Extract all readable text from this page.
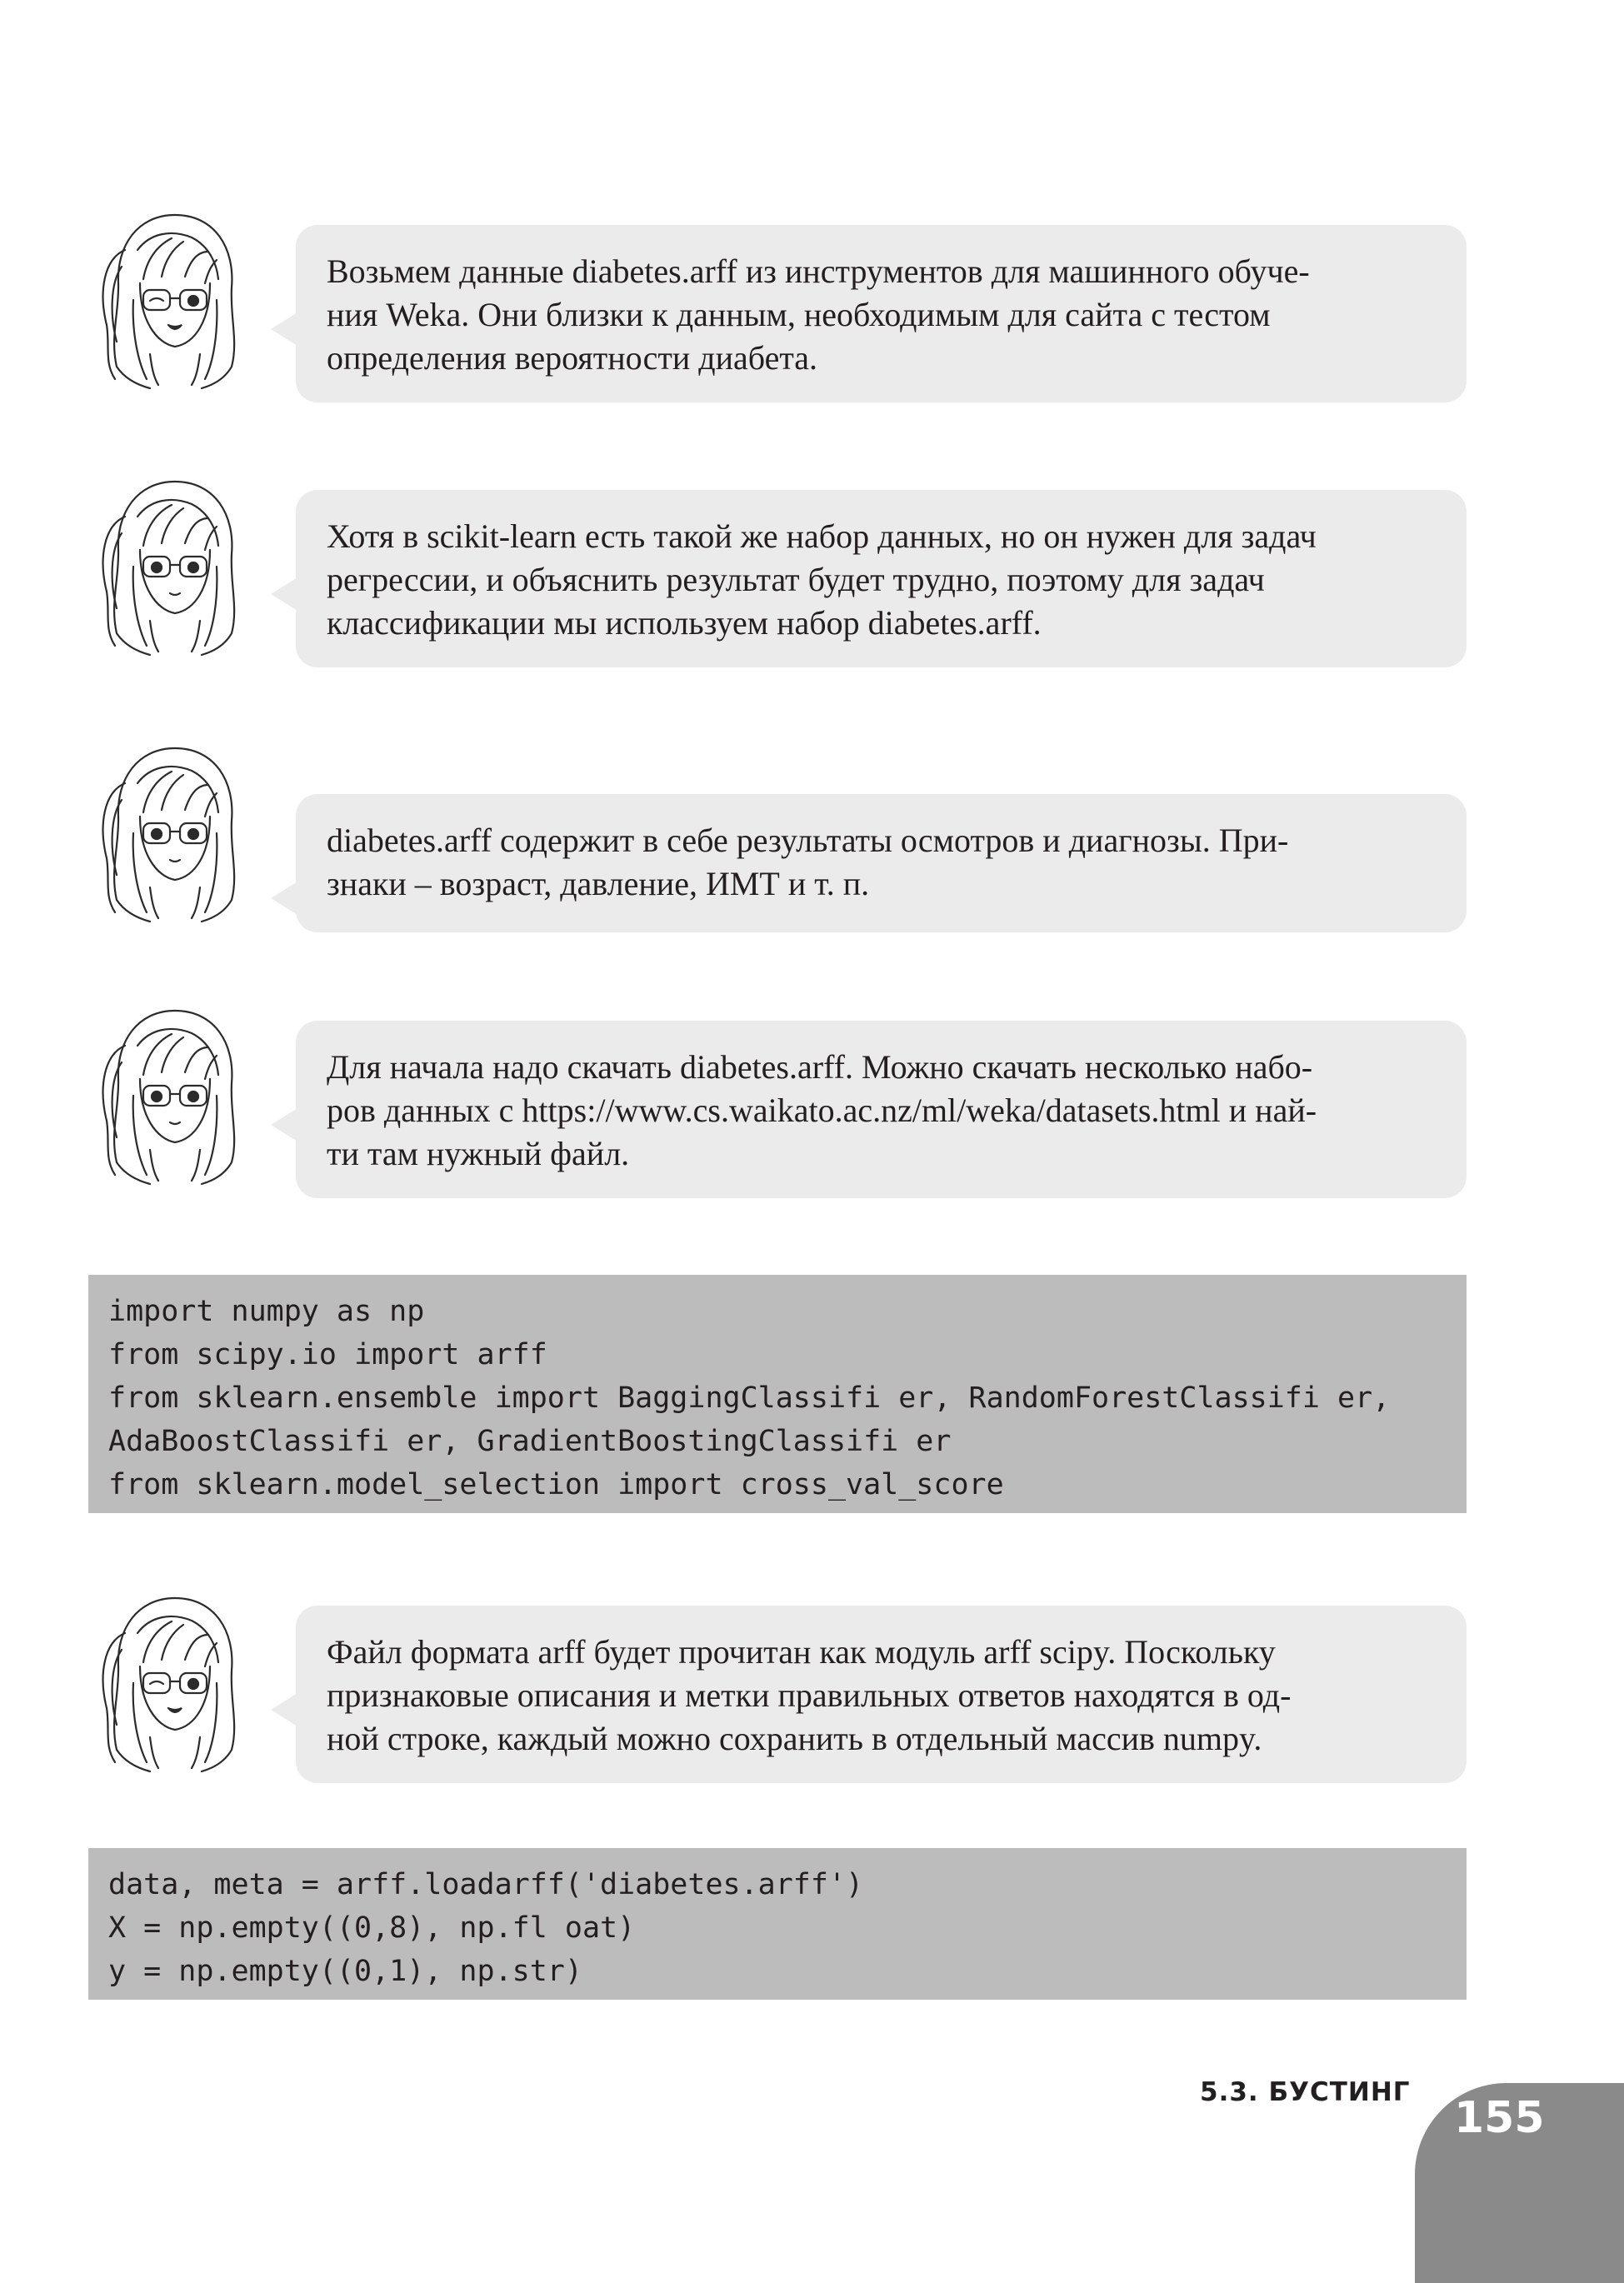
Возьмем данные diabetes.arff из инструментов для машинного обуче-
ния Weka. Они близки к данным, необходимым для сайта с тестом
определения вероятности диабета.

Хотя в scikit-learn есть такой же набор данных, но он нужен для задач
регрессии, и объяснить результат будет трудно, поэтому для задач
классификации мы используем набор diabetes.arff.

diabetes.arff содержит в себе результаты осмотров и диагнозы. При-
знаки – возраст, давление, ИМТ и т. п.

Для начала надо скачать diabetes.arff. Можно скачать несколько набо-
ров данных с https://www.cs.waikato.ac.nz/ml/weka/datasets.html и най-
ти там нужный файл.

import numpy as np
from scipy.io import arff
from sklearn.ensemble import BaggingClassifi er, RandomForestClassifi er,
AdaBoostClassifi er, GradientBoostingClassifi er
from sklearn.model_selection import cross_val_score

Файл формата arff будет прочитан как модуль arff scipy. Поскольку
признаковые описания и метки правильных ответов находятся в од-
ной строке, каждый можно сохранить в отдельный массив numpy.

data, meta = arff.loadarff('diabetes.arff')
X = np.empty((0,8), np.fl oat)
y = np.empty((0,1), np.str)
5.3. БУСТИНГ
155
